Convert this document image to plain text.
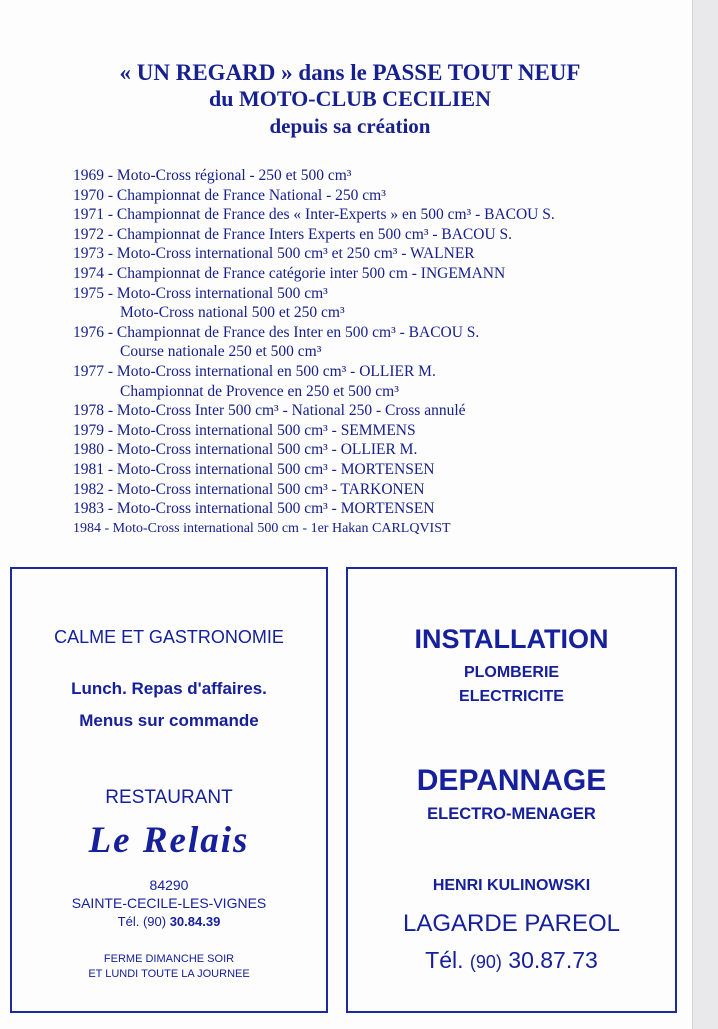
« UN REGARD » dans le PASSE TOUT NEUF
du MOTO-CLUB CECILIEN
depuis sa création
1969 - Moto-Cross régional - 250 et 500 cm³
1970 - Championnat de France National - 250 cm³
1971 - Championnat de France des « Inter-Experts » en 500 cm³ - BACOU S.
1972 - Championnat de France Inters Experts en 500 cm³ - BACOU S.
1973 - Moto-Cross international 500 cm³ et 250 cm³ - WALNER
1974 - Championnat de France catégorie inter 500 cm - INGEMANN
1975 - Moto-Cross international 500 cm³
Moto-Cross national 500 et 250 cm³
1976 - Championnat de France des Inter en 500 cm³ - BACOU S.
Course nationale 250 et 500 cm³
1977 - Moto-Cross international en 500 cm³ - OLLIER M.
Championnat de Provence en 250 et 500 cm³
1978 - Moto-Cross Inter 500 cm³ - National 250 - Cross annulé
1979 - Moto-Cross international 500 cm³ - SEMMENS
1980 - Moto-Cross international 500 cm³ - OLLIER M.
1981 - Moto-Cross international 500 cm³ - MORTENSEN
1982 - Moto-Cross international 500 cm³ - TARKONEN
1983 - Moto-Cross international 500 cm³ - MORTENSEN
1984 - Moto-Cross international 500 cm - 1er Hakan CARLQVIST
CALME ET GASTRONOMIE
Lunch. Repas d'affaires.
Menus sur commande
RESTAURANT
Le Relais
84290
SAINTE-CECILE-LES-VIGNES
Tél. (90) 30.84.39
FERME DIMANCHE SOIR
ET LUNDI TOUTE LA JOURNEE
INSTALLATION
PLOMBERIE
ELECTRICITE
DEPANNAGE
ELECTRO-MENAGER
HENRI KULINOWSKI
LAGARDE PAREOL
Tél. (90) 30.87.73
